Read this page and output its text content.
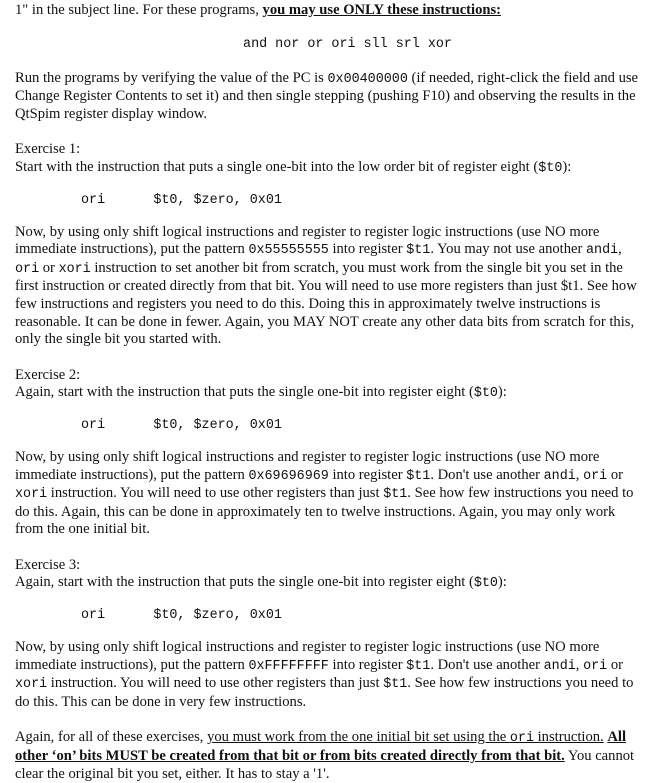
1" in the subject line. For these programs, you may use ONLY these instructions:

and nor or ori sll srl xor

Run the programs by verifying the value of the PC is 0x00400000 (if needed, right-click the field and use Change Register Contents to set it) and then single stepping (pushing F10) and observing the results in the QtSpim register display window.

Exercise 1:

Start with the instruction that puts a single one-bit into the low order bit of register eight ($t0):

ori	$t0, $zero, 0x01

Now, by using only shift logical instructions and register to register logic instructions (use NO more immediate instructions), put the pattern 0x55555555 into register $t1. You may not use another andi, ori or xori instruction to set another bit from scratch, you must work from the single bit you set in the first instruction or created directly from that bit. You will need to use more registers than just $t1. See how few instructions and registers you need to do this. Doing this in approximately twelve instructions is reasonable. It can be done in fewer. Again, you MAY NOT create any other data bits from scratch for this, only the single bit you started with.

Exercise 2:

Again, start with the instruction that puts the single one-bit into register eight ($t0):

ori	$t0, $zero, 0x01

Now, by using only shift logical instructions and register to register logic instructions (use NO more immediate instructions), put the pattern 0x69696969 into register $t1. Don't use another andi, ori or xori instruction. You will need to use other registers than just $t1. See how few instructions you need to do this. Again, this can be done in approximately ten to twelve instructions. Again, you may only work from the one initial bit.

Exercise 3:

Again, start with the instruction that puts the single one-bit into register eight ($t0):

ori	$t0, $zero, 0x01

Now, by using only shift logical instructions and register to register logic instructions (use NO more immediate instructions), put the pattern 0xFFFFFFFF into register $t1. Don't use another andi, ori or xori instruction. You will need to use other registers than just $t1. See how few instructions you need to do this. This can be done in very few instructions.

Again, for all of these exercises, you must work from the one initial bit set using the ori instruction. All other ‘on’ bits MUST be created from that bit or from bits created directly from that bit. You cannot clear the original bit you set, either. It has to stay a '1'.
